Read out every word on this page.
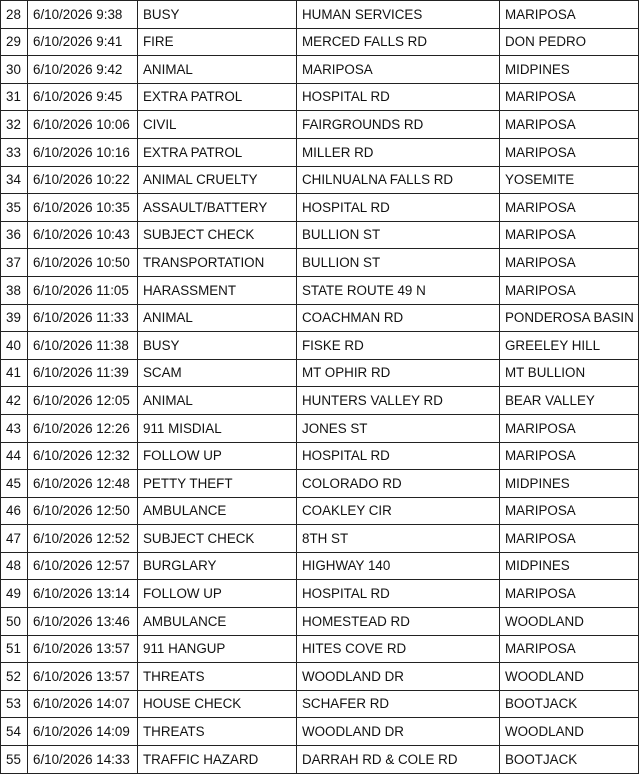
28	6/10/2026 9:38	BUSY	HUMAN SERVICES	MARIPOSA
29	6/10/2026 9:41	FIRE	MERCED FALLS RD	DON PEDRO
30	6/10/2026 9:42	ANIMAL	MARIPOSA	MIDPINES
31	6/10/2026 9:45	EXTRA PATROL	HOSPITAL RD	MARIPOSA
32	6/10/2026 10:06	CIVIL	FAIRGROUNDS RD	MARIPOSA
33	6/10/2026 10:16	EXTRA PATROL	MILLER RD	MARIPOSA
34	6/10/2026 10:22	ANIMAL CRUELTY	CHILNUALNA FALLS RD	YOSEMITE
35	6/10/2026 10:35	ASSAULT/BATTERY	HOSPITAL RD	MARIPOSA
36	6/10/2026 10:43	SUBJECT CHECK	BULLION ST	MARIPOSA
37	6/10/2026 10:50	TRANSPORTATION	BULLION ST	MARIPOSA
38	6/10/2026 11:05	HARASSMENT	STATE ROUTE 49 N	MARIPOSA
39	6/10/2026 11:33	ANIMAL	COACHMAN RD	PONDEROSA BASIN
40	6/10/2026 11:38	BUSY	FISKE RD	GREELEY HILL
41	6/10/2026 11:39	SCAM	MT OPHIR RD	MT BULLION
42	6/10/2026 12:05	ANIMAL	HUNTERS VALLEY RD	BEAR VALLEY
43	6/10/2026 12:26	911 MISDIAL	JONES ST	MARIPOSA
44	6/10/2026 12:32	FOLLOW UP	HOSPITAL RD	MARIPOSA
45	6/10/2026 12:48	PETTY THEFT	COLORADO RD	MIDPINES
46	6/10/2026 12:50	AMBULANCE	COAKLEY CIR	MARIPOSA
47	6/10/2026 12:52	SUBJECT CHECK	8TH ST	MARIPOSA
48	6/10/2026 12:57	BURGLARY	HIGHWAY 140	MIDPINES
49	6/10/2026 13:14	FOLLOW UP	HOSPITAL RD	MARIPOSA
50	6/10/2026 13:46	AMBULANCE	HOMESTEAD RD	WOODLAND
51	6/10/2026 13:57	911 HANGUP	HITES COVE RD	MARIPOSA
52	6/10/2026 13:57	THREATS	WOODLAND DR	WOODLAND
53	6/10/2026 14:07	HOUSE CHECK	SCHAFER RD	BOOTJACK
54	6/10/2026 14:09	THREATS	WOODLAND DR	WOODLAND
55	6/10/2026 14:33	TRAFFIC HAZARD	DARRAH RD & COLE RD	BOOTJACK
